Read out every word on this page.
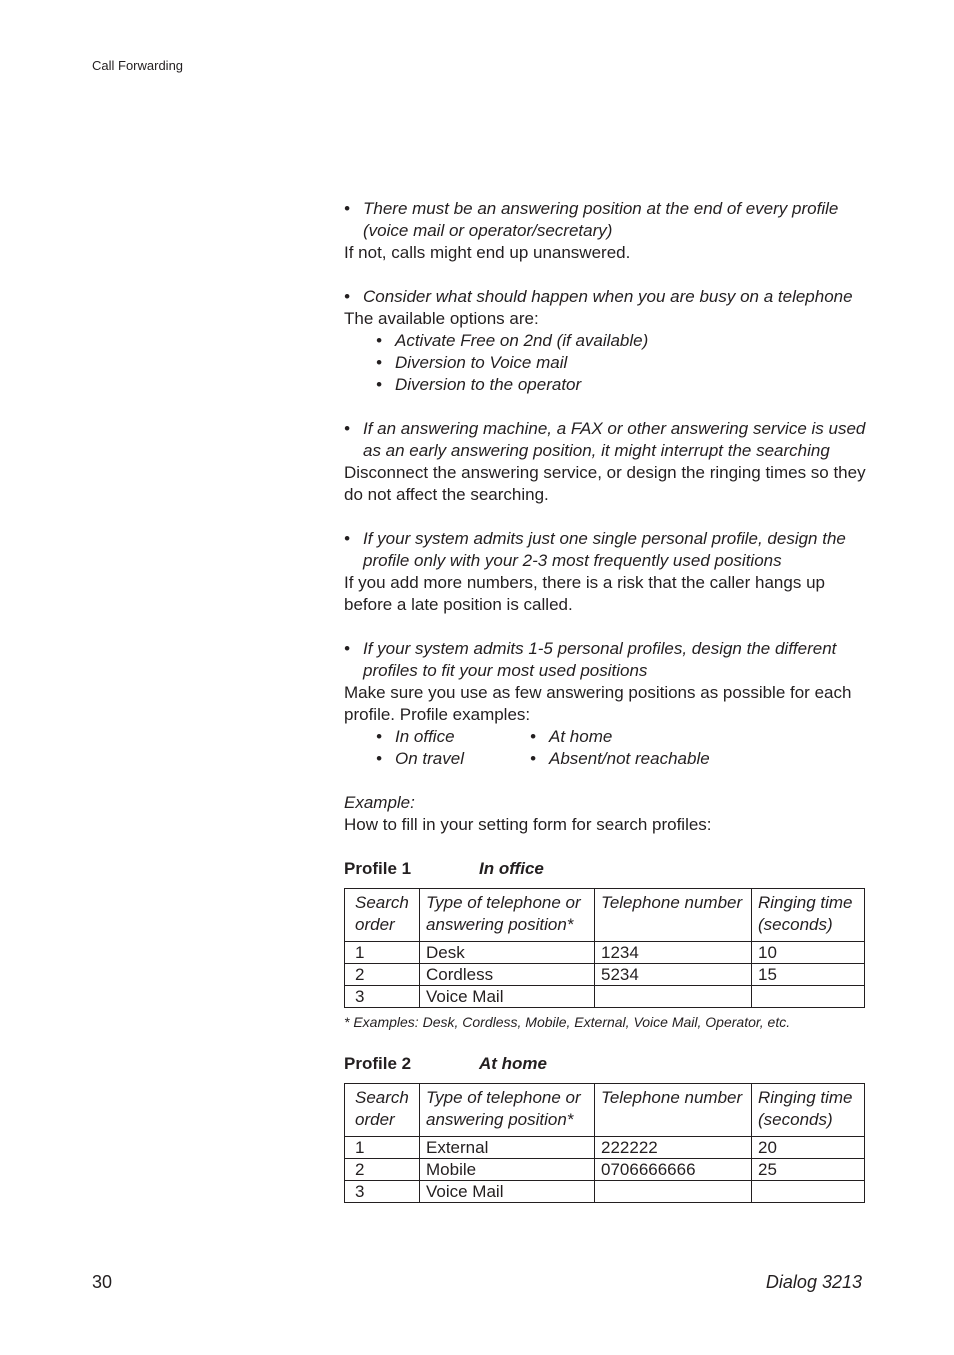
Call Forwarding
• There must be an answering position at the end of every profile (voice mail or operator/secretary)
If not, calls might end up unanswered.
• Consider what should happen when you are busy on a telephone
The available options are:
• Activate Free on 2nd (if available)
• Diversion to Voice mail
• Diversion to the operator
• If an answering machine, a FAX or other answering service is used as an early answering position, it might interrupt the searching
Disconnect the answering service, or design the ringing times so they do not affect the searching.
• If your system admits just one single personal profile, design the profile only with your 2-3 most frequently used positions
If you add more numbers, there is a risk that the caller hangs up before a late position is called.
• If your system admits 1-5 personal profiles, design the different profiles to fit your most used positions
Make sure you use as few answering positions as possible for each profile. Profile examples:
• In office	• At home
• On travel	• Absent/not reachable
Example:
How to fill in your setting form for search profiles:
Profile 1	In office
Search order	Type of telephone or answering position*	Telephone number	Ringing time (seconds)
1	Desk	1234	10
2	Cordless	5234	15
3	Voice Mail		
* Examples: Desk, Cordless, Mobile, External, Voice Mail, Operator, etc.
Profile 2	At home
Search order	Type of telephone or answering position*	Telephone number	Ringing time (seconds)
1	External	222222	20
2	Mobile	0706666666	25
3	Voice Mail		
30	Dialog 3213
